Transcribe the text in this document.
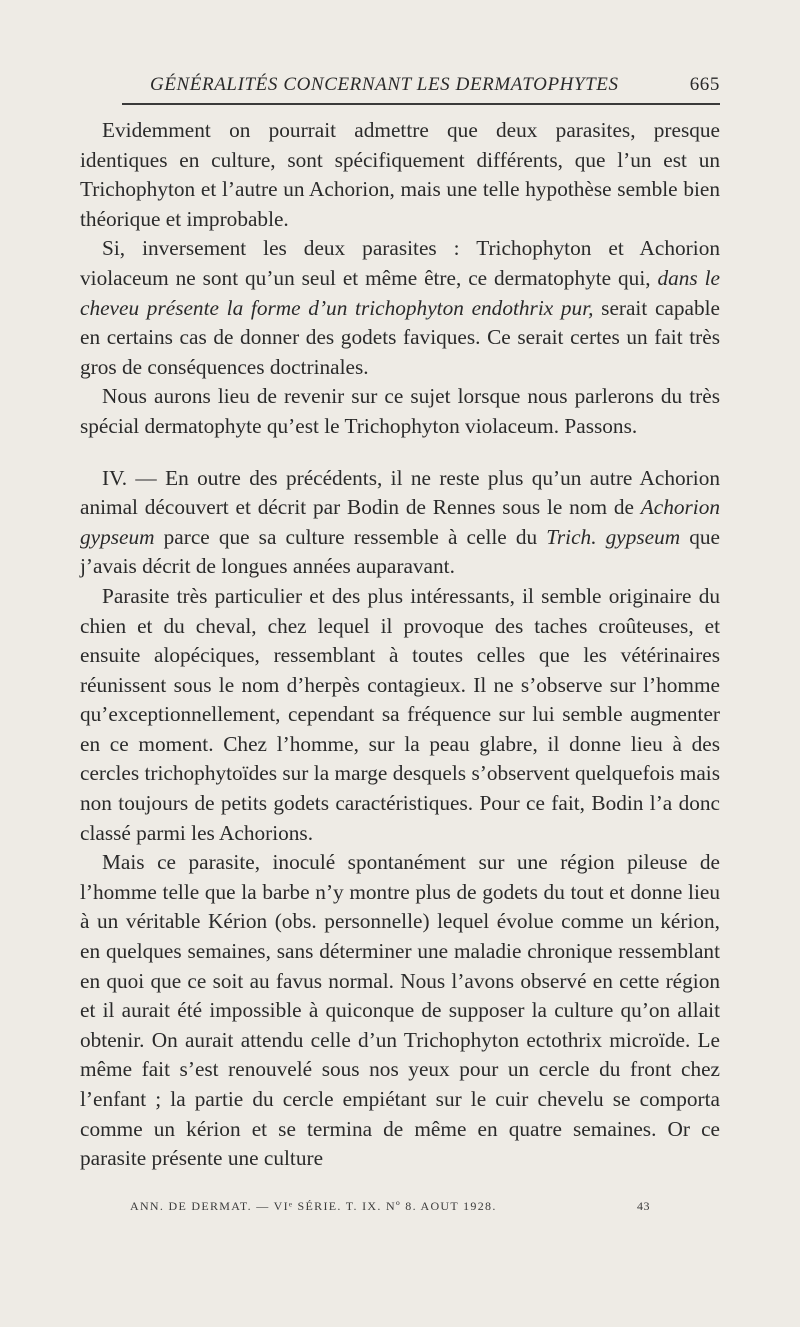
GÉNÉRALITÉS CONCERNANT LES DERMATOPHYTES	665

Evidemment on pourrait admettre que deux parasites, presque identiques en culture, sont spécifiquement différents, que l’un est un Trichophyton et l’autre un Achorion, mais une telle hypothèse semble bien théorique et improbable.

Si, inversement les deux parasites : Trichophyton et Achorion violaceum ne sont qu’un seul et même être, ce dermatophyte qui, dans le cheveu présente la forme d’un trichophyton endothrix pur, serait capable en certains cas de donner des godets faviques. Ce serait certes un fait très gros de conséquences doctrinales.

Nous aurons lieu de revenir sur ce sujet lorsque nous parlerons du très spécial dermatophyte qu’est le Trichophyton violaceum. Passons.

IV. — En outre des précédents, il ne reste plus qu’un autre Achorion animal découvert et décrit par Bodin de Rennes sous le nom de Achorion gypseum parce que sa culture ressemble à celle du Trich. gypseum que j’avais décrit de longues années auparavant.

Parasite très particulier et des plus intéressants, il semble originaire du chien et du cheval, chez lequel il provoque des taches croûteuses, et ensuite alopéciques, ressemblant à toutes celles que les vétérinaires réunissent sous le nom d’herpès contagieux. Il ne s’observe sur l’homme qu’exceptionnellement, cependant sa fréquence sur lui semble augmenter en ce moment. Chez l’homme, sur la peau glabre, il donne lieu à des cercles trichophytoïdes sur la marge desquels s’observent quelquefois mais non toujours de petits godets caractéristiques. Pour ce fait, Bodin l’a donc classé parmi les Achorions.

Mais ce parasite, inoculé spontanément sur une région pileuse de l’homme telle que la barbe n’y montre plus de godets du tout et donne lieu à un véritable Kérion (obs. personnelle) lequel évolue comme un kérion, en quelques semaines, sans déterminer une maladie chronique ressemblant en quoi que ce soit au favus normal. Nous l’avons observé en cette région et il aurait été impossible à quiconque de supposer la culture qu’on allait obtenir. On aurait attendu celle d’un Trichophyton ectothrix microïde. Le même fait s’est renouvelé sous nos yeux pour un cercle du front chez l’enfant ; la partie du cercle empiétant sur le cuir chevelu se comporta comme un kérion et se termina de même en quatre semaines. Or ce parasite présente une culture

ANN. DE DERMAT. — VIᵉ SÉRIE. T. IX. Nº 8. AOUT 1928.	43
